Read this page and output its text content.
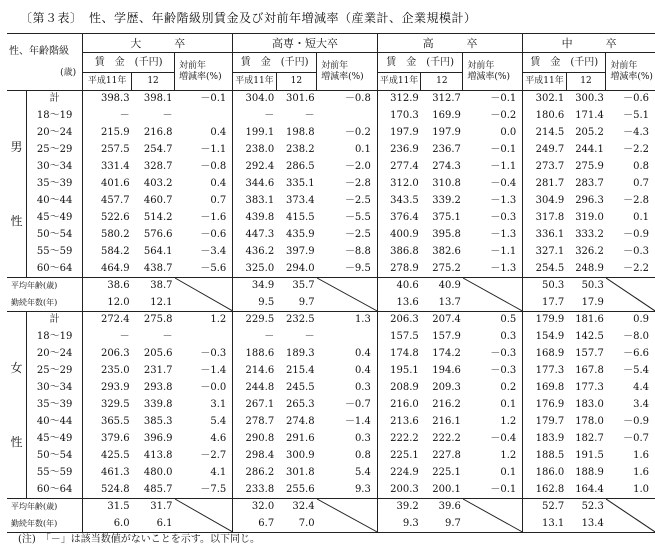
〔第３表〕　性、学歴、年齢階級別賃金及び対前年増減率（産業計、企業規模計）
性、年齢階級
(歳)		大　　　卒			高専・短大卒			高　　　卒			中　　　卒		
		賃　金　(千円)		対前年
増減率(%)	賃　金　(千円)		対前年
増減率(%)	賃　金　(千円)		対前年
増減率(%)	賃　金　(千円)		対前年
増減率(%)
		平成11年	12		平成11年	12		平成11年	12		平成11年	12	

男
性	計	398.3	398.1	－0.1	304.0	301.6	－0.8	312.9	312.7	－0.1	302.1	300.3	－0.6
	18～19	－	－		－	－		170.3	169.9	－0.2	180.6	171.4	－5.1
	20～24	215.9	216.8	0.4	199.1	198.8	－0.2	197.9	197.9	0.0	214.5	205.2	－4.3
	25～29	257.5	254.7	－1.1	238.0	238.2	0.1	236.9	236.7	－0.1	249.7	244.1	－2.2
	30～34	331.4	328.7	－0.8	292.4	286.5	－2.0	277.4	274.3	－1.1	273.7	275.9	0.8
	35～39	401.6	403.2	0.4	344.6	335.1	－2.8	312.0	310.8	－0.4	281.7	283.7	0.7
	40～44	457.7	460.7	0.7	383.1	373.4	－2.5	343.5	339.2	－1.3	304.9	296.3	－2.8
	45～49	522.6	514.2	－1.6	439.8	415.5	－5.5	376.4	375.1	－0.3	317.8	319.0	0.1
	50～54	580.2	576.6	－0.6	447.3	435.9	－2.5	400.9	395.8	－1.3	336.1	333.2	－0.9
	55～59	584.2	564.1	－3.4	436.2	397.9	－8.8	386.8	382.6	－1.1	327.1	326.2	－0.3
	60～64	464.9	438.7	－5.6	325.0	294.0	－9.5	278.9	275.2	－1.3	254.5	248.9	－2.2
平均年齢(歳)		38.6	38.7		34.9	35.7		40.6	40.9		50.3	50.3	

勤続年数(年)		12.0	12.1		9.5	9.7		13.6	13.7		17.7	17.9	

女
性	計	272.4	275.8	1.2	229.5	232.5	1.3	206.3	207.4	0.5	179.9	181.6	0.9
	18～19	－	－		－	－		157.5	157.9	0.3	154.9	142.5	－8.0
	20～24	206.3	205.6	－0.3	188.6	189.3	0.4	174.8	174.2	－0.3	168.9	157.7	－6.6
	25～29	235.0	231.7	－1.4	214.6	215.4	0.4	195.1	194.6	－0.3	177.3	167.8	－5.4
	30～34	293.9	293.8	－0.0	244.8	245.5	0.3	208.9	209.3	0.2	169.8	177.3	4.4
	35～39	329.5	339.8	3.1	267.1	265.3	－0.7	216.0	216.2	0.1	176.9	183.0	3.4
	40～44	365.5	385.3	5.4	278.7	274.8	－1.4	213.6	216.1	1.2	179.7	178.0	－0.9
	45～49	379.6	396.9	4.6	290.8	291.6	0.3	222.2	222.2	－0.4	183.9	182.7	－0.7
	50～54	425.5	413.8	－2.7	298.4	300.9	0.8	225.1	227.8	1.2	188.5	191.5	1.6
	55～59	461.3	480.0	4.1	286.2	301.8	5.4	224.9	225.1	0.1	186.0	188.9	1.6
	60～64	524.8	485.7	－7.5	233.8	255.6	9.3	200.3	200.1	－0.1	162.8	164.4	1.0
平均年齢(歳)		31.5	31.7		32.0	32.4		39.2	39.6		52.7	52.3	

勤続年数(年)		6.0	6.1		6.7	7.0		9.3	9.7		13.1	13.4	
(注)　「－」は該当数値がないことを示す。以下同じ。
